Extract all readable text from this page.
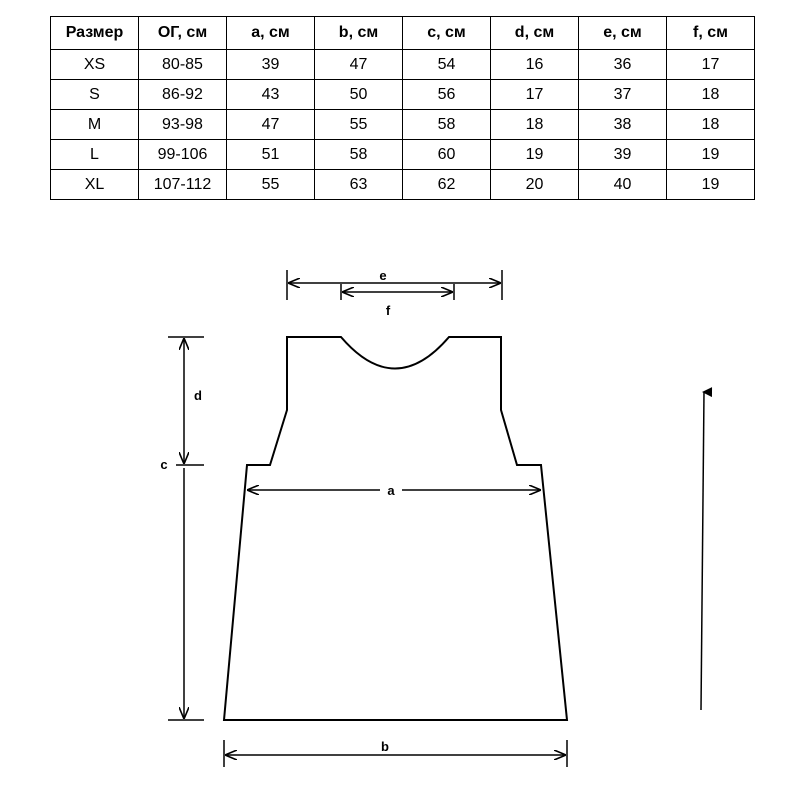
Размер	ОГ, см	a, см	b, см	c, см	d, см	e, см	f, см
XS	80-85	39	47	54	16	36	17
S	86-92	43	50	56	17	37	18
M	93-98	47	55	58	18	38	18
L	99-106	51	58	60	19	39	19
XL	107-112	55	63	62	20	40	19
e
f
c
d
a
b
